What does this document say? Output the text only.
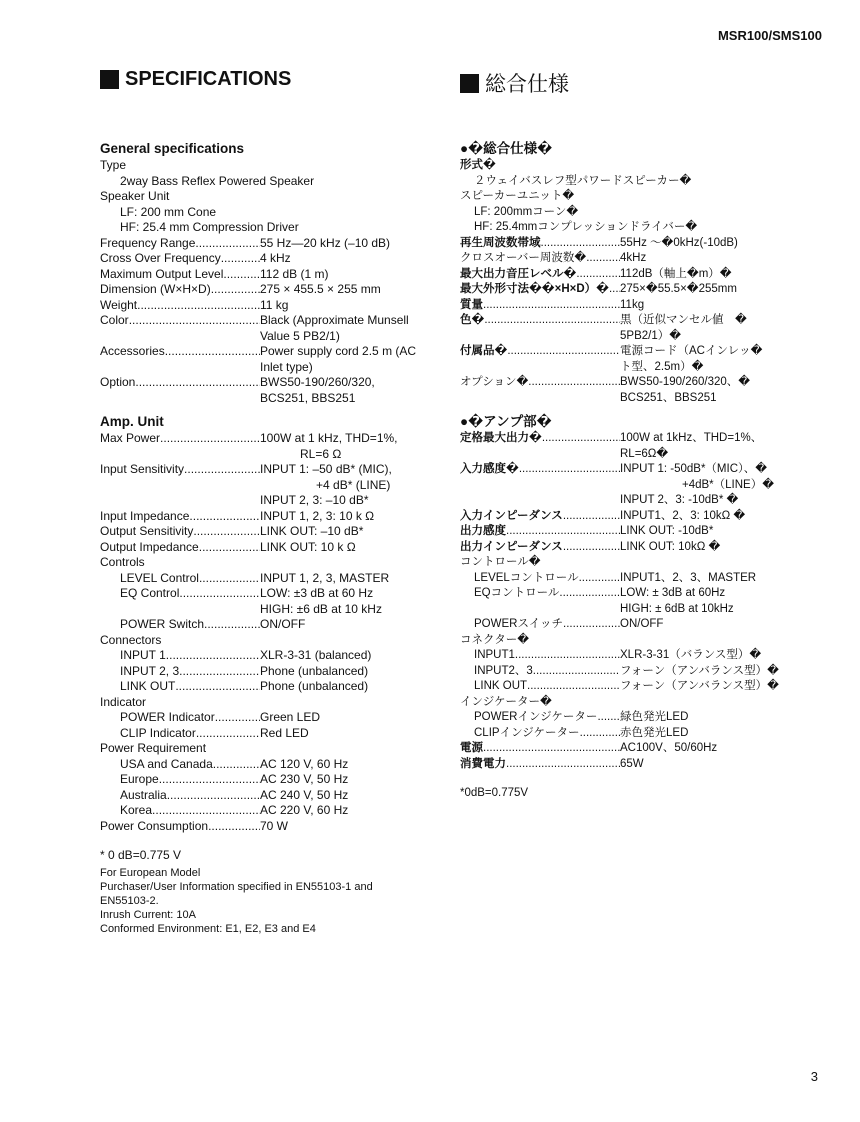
MSR100/SMS100
SPECIFICATIONS	総合仕様
General specifications
Type
2way Bass Reflex Powered Speaker
Speaker Unit
LF: 200 mm Cone
HF: 25.4 mm Compression Driver
Frequency Range .....	55 Hz—20 kHz (–10 dB)
Cross Over Frequency .....	4 kHz
Maximum Output Level .....	112 dB (1 m)
Dimension (W×H×D) .....	275 × 455.5 × 255 mm
Weight .....	11 kg
Color .....	Black (Approximate Munsell
Value 5 PB2/1)
Accessories .....	Power supply cord 2.5 m (AC
Inlet type)
Option .....	BWS50-190/260/320,
BCS251, BBS251
Amp. Unit
Max Power .....	100W at 1 kHz, THD=1%,
RL=6 Ω
Input Sensitivity .....	INPUT 1: –50 dB* (MIC),
+4 dB* (LINE)
INPUT 2, 3: –10 dB*
Input Impedance .....	INPUT 1, 2, 3: 10 k Ω
Output Sensitivity .....	LINK OUT: –10 dB*
Output Impedance .....	LINK OUT: 10 k Ω
Controls
LEVEL Control .....	INPUT 1, 2, 3, MASTER
EQ Control .....	LOW: ±3 dB at 60 Hz
HIGH: ±6 dB at 10 kHz
POWER Switch .....	ON/OFF
Connectors
INPUT 1 .....	XLR-3-31 (balanced)
INPUT 2, 3 .....	Phone (unbalanced)
LINK OUT .....	Phone (unbalanced)
Indicator
POWER Indicator .....	Green LED
CLIP Indicator .....	Red LED
Power Requirement
USA and Canada .....	AC 120 V, 60 Hz
Europe .....	AC 230 V, 50 Hz
Australia .....	AC 240 V, 50 Hz
Korea .....	AC 220 V, 60 Hz
Power Consumption .....	70 W
* 0 dB=0.775 V
For European Model
Purchaser/User Information specified in EN55103-1 and
EN55103-2.
Inrush Current: 10A
Conformed Environment: E1, E2, E3 and E4
●�総合仕様�
形式�
２ウェイバスレフ型パワードスピーカー�
スピーカーユニット�
LF: 200mmコーン�
HF: 25.4mmコンプレッションドライバー�
再生周波数帯域 .....	55Hz ～�0kHz(-10dB)
クロスオーバー周波数� .....	4kHz
最大出力音圧レベル� .....	112dB（軸上�m）�
最大外形寸法��×H×D）� ..... 275×�55.5×�255mm
質量 .....	11kg
色� .....	黒（近似マンセル値　�
5PB2/1）�
付属品� .....	電源コード（ACインレッ�
ト型、2.5m）�
オプション� .....	BWS50-190/260/320、�
BCS251、BBS251
●�アンプ部�
定格最大出力� .....	100W at 1kHz、THD=1%、
RL=6Ω�
入力感度� .....	INPUT 1: -50dB*（MIC）、�
+4dB*（LINE）�
INPUT 2、3: -10dB* �
入力インピーダンス .....	INPUT1、2、3: 10kΩ �
出力感度 .....	LINK OUT: -10dB*
出力インピーダンス .....	LINK OUT: 10kΩ �
コントロール�
LEVELコントロール .....	INPUT1、2、3、MASTER
EQコントロール .....	LOW: ± 3dB at 60Hz
HIGH: ± 6dB at 10kHz
POWERスイッチ .....	ON/OFF
コネクター�
INPUT1 .....	XLR-3-31（バランス型）�
INPUT2、3 .....	フォーン（アンバランス型）�
LINK OUT .....	フォーン（アンバランス型）�
インジケーター�
POWERインジケーター ..... 緑色発光LED
CLIPインジケーター .....	赤色発光LED
電源 .....	AC100V、50/60Hz
消費電力 .....	65W
*0dB=0.775V
3
